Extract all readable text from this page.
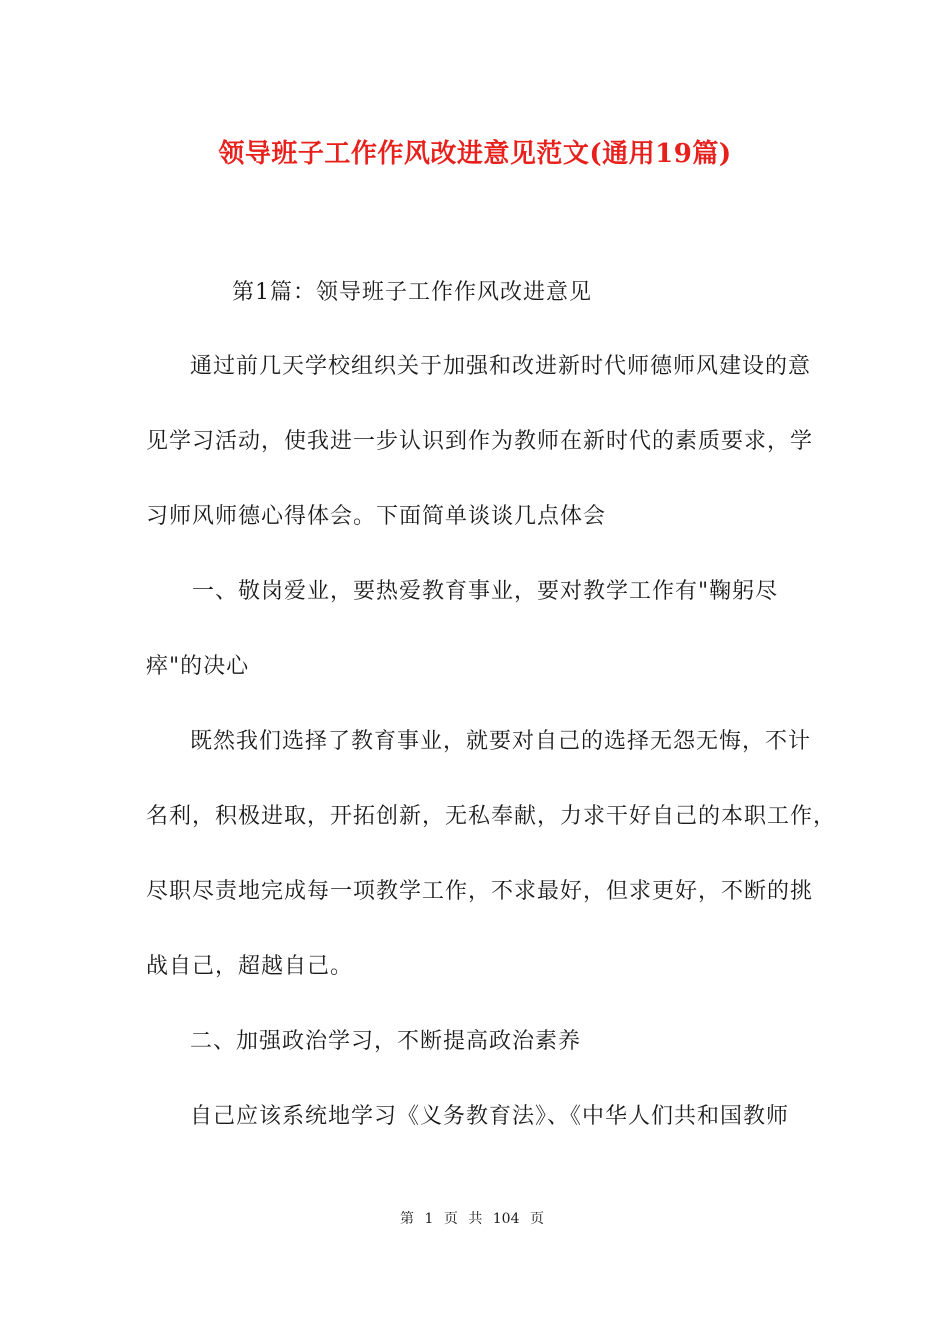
领导班子工作作风改进意见范文(通用19篇)
第1篇：领导班子工作作风改进意见
通过前几天学校组织关于加强和改进新时代师德师风建设的意
见学习活动，使我进一步认识到作为教师在新时代的素质要求，学
习师风师德心得体会。下面简单谈谈几点体会
一、敬岗爱业，要热爱教育事业，要对教学工作有"鞠躬尽
瘁"的决心
既然我们选择了教育事业，就要对自己的选择无怨无悔，不计
名利，积极进取，开拓创新，无私奉献，力求干好自己的本职工作，
尽职尽责地完成每一项教学工作，不求最好，但求更好，不断的挑
战自己，超越自己。
二、加强政治学习，不断提高政治素养
自己应该系统地学习《义务教育法》、《中华人们共和国教师
第 1 页 共 104 页
